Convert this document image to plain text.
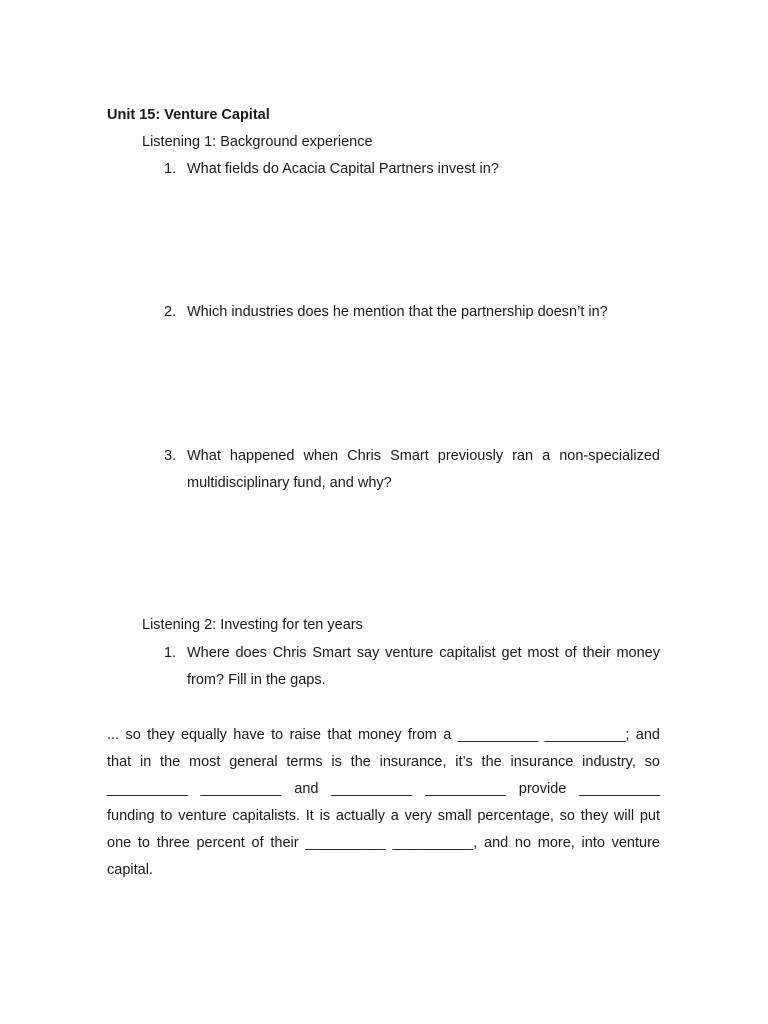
Unit 15: Venture Capital
Listening 1: Background experience
1. What fields do Acacia Capital Partners invest in?
2. Which industries does he mention that the partnership doesn’t in?
3. What happened when Chris Smart previously ran a non-specialized
multidisciplinary fund, and why?
Listening 2: Investing for ten years
1. Where does Chris Smart say venture capitalist get most of their money
from? Fill in the gaps.
... so they equally have to raise that money from a __________ __________; and
that in the most general terms is the insurance, it’s the insurance industry, so
__________ __________ and __________ __________ provide __________
funding to venture capitalists. It is actually a very small percentage, so they will put
one to three percent of their __________ __________, and no more, into venture
capital.
